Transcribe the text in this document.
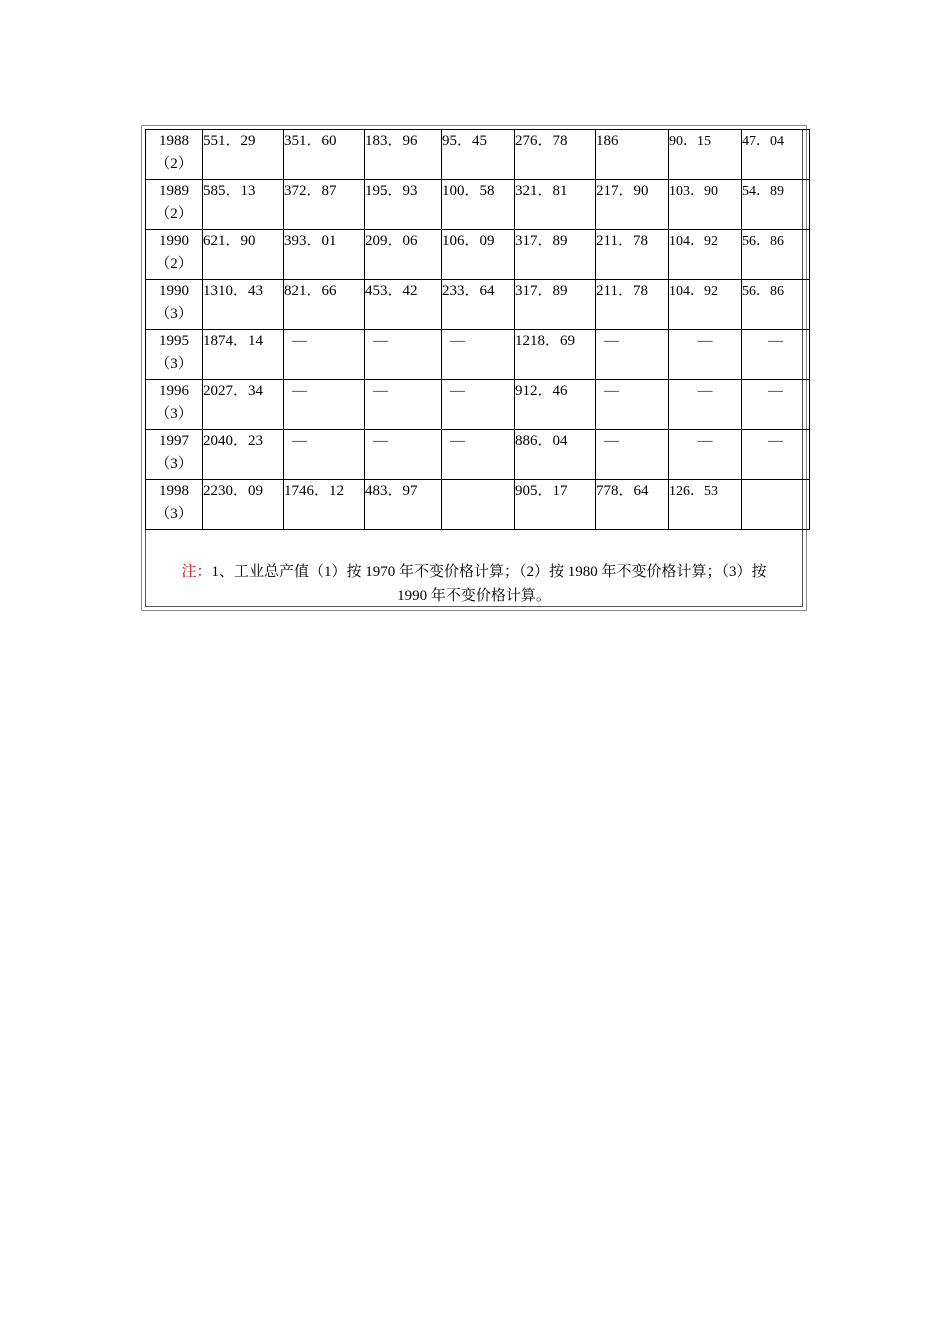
1988
（2）	551．29	351．60	183．96	95．45	276．78	186	90．15	47．04

1989
（2）	585．13	372．87	195．93	100．58	321．81	217．90	103．90	54．89

1990
（2）	621．90	393．01	209．06	106．09	317．89	211．78	104．92	56．86

1990
（3）	1310．43	821．66	453．42	233．64	317．89	211．78	104．92	56．86

1995
（3）	1874．14	—	—	—	1218．69	—	—	—

1996
（3）	2027．34	—	—	—	912．46	—	—	—

1997
（3）	2040．23	—	—	—	886．04	—	—	—

1998
（3）	2230．09	1746．12	483．97		905．17	778．64	126．53	

注：1、工业总产值（1）按 1970 年不变价格计算；（2）按 1980 年不变价格计算；（3）按
1990 年不变价格计算。
